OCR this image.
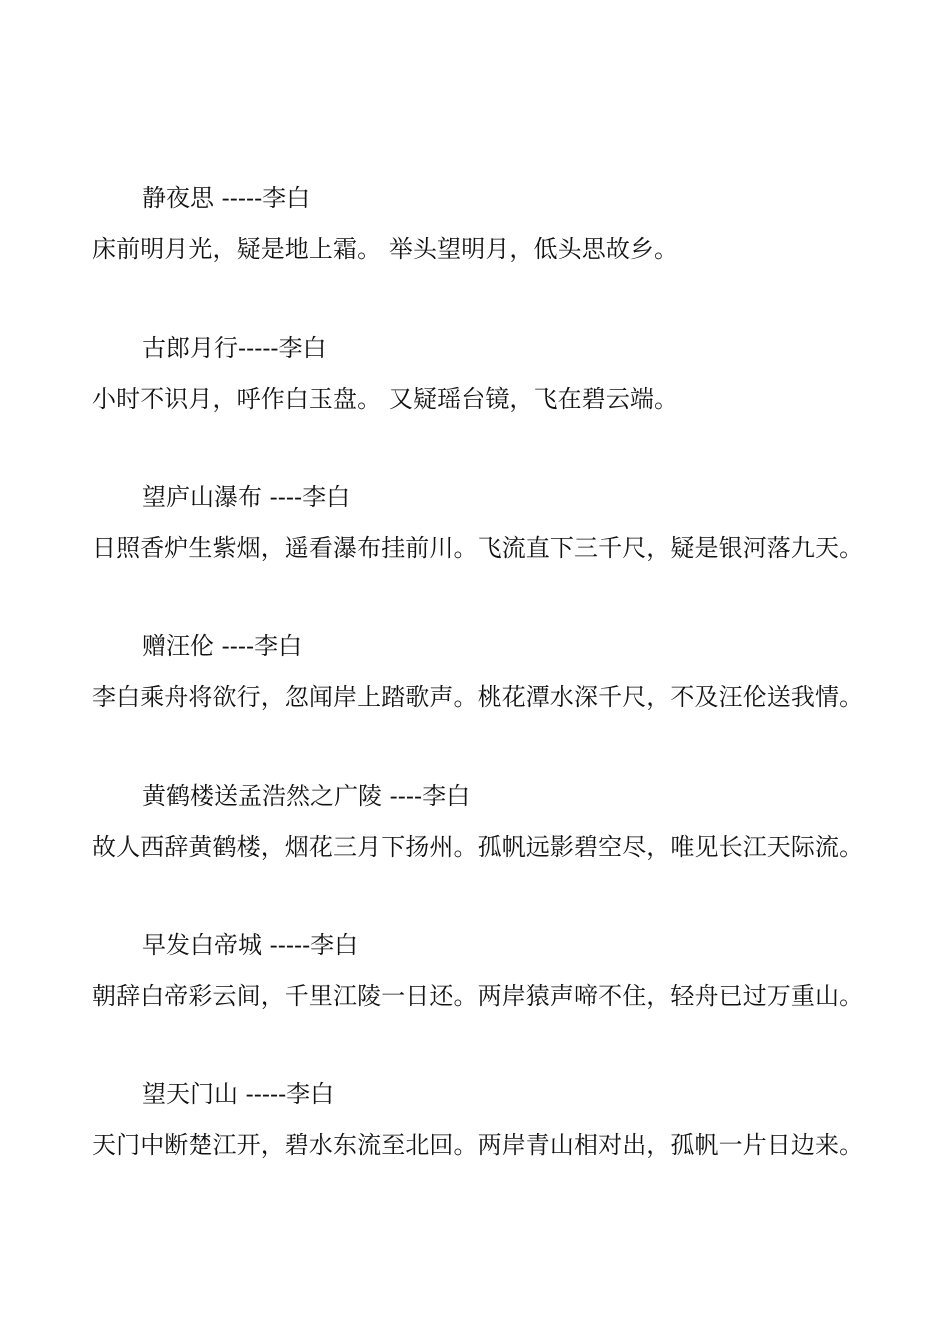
静夜思 -----李白
床前明月光，疑是地上霜。 举头望明月，低头思故乡。
古郎月行-----李白
小时不识月，呼作白玉盘。 又疑瑶台镜，飞在碧云端。
望庐山瀑布 ----李白
日照香炉生紫烟，遥看瀑布挂前川。飞流直下三千尺，疑是银河落九天。
赠汪伦 ----李白
李白乘舟将欲行，忽闻岸上踏歌声。桃花潭水深千尺，不及汪伦送我情。
黄鹤楼送孟浩然之广陵 ----李白
故人西辞黄鹤楼，烟花三月下扬州。孤帆远影碧空尽，唯见长江天际流。
早发白帝城 -----李白
朝辞白帝彩云间，千里江陵一日还。两岸猿声啼不住，轻舟已过万重山。
望天门山 -----李白
天门中断楚江开，碧水东流至北回。两岸青山相对出，孤帆一片日边来。
